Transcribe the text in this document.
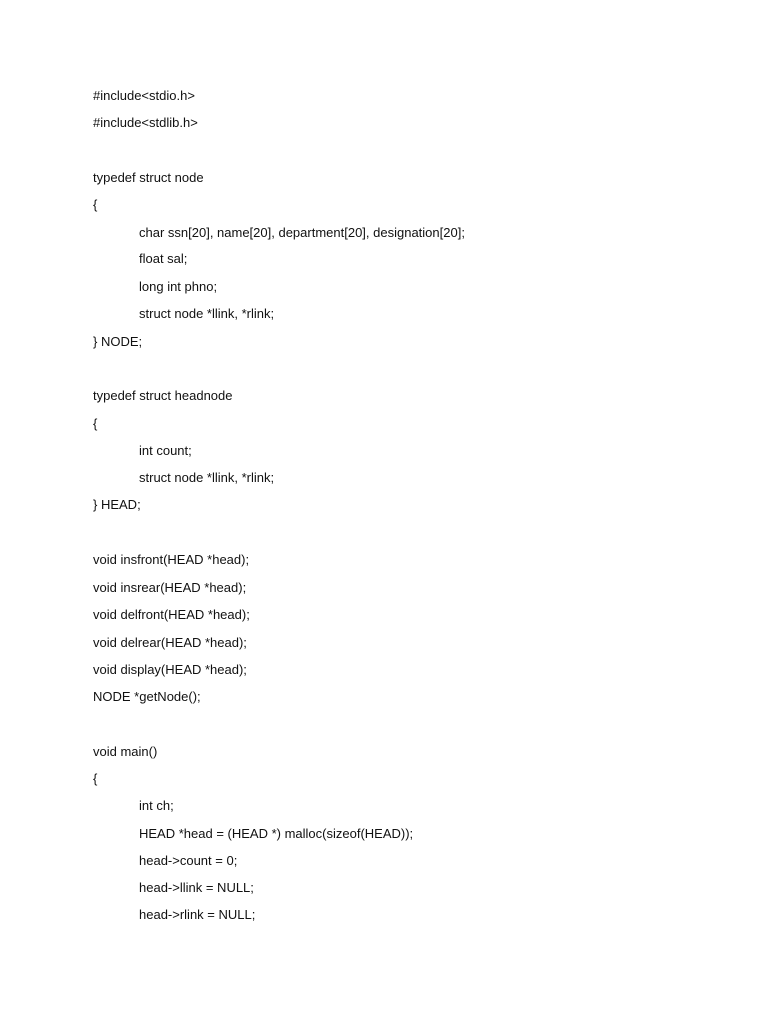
#include<stdio.h>
#include<stdlib.h>
typedef struct node
{
char ssn[20], name[20], department[20], designation[20];
float sal;
long int phno;
struct node *llink, *rlink;
} NODE;
typedef struct headnode
{
int count;
struct node *llink, *rlink;
} HEAD;
void insfront(HEAD *head);
void insrear(HEAD *head);
void delfront(HEAD *head);
void delrear(HEAD *head);
void display(HEAD *head);
NODE *getNode();
void main()
{
int ch;
HEAD *head = (HEAD *) malloc(sizeof(HEAD));
head->count = 0;
head->llink = NULL;
head->rlink = NULL;
